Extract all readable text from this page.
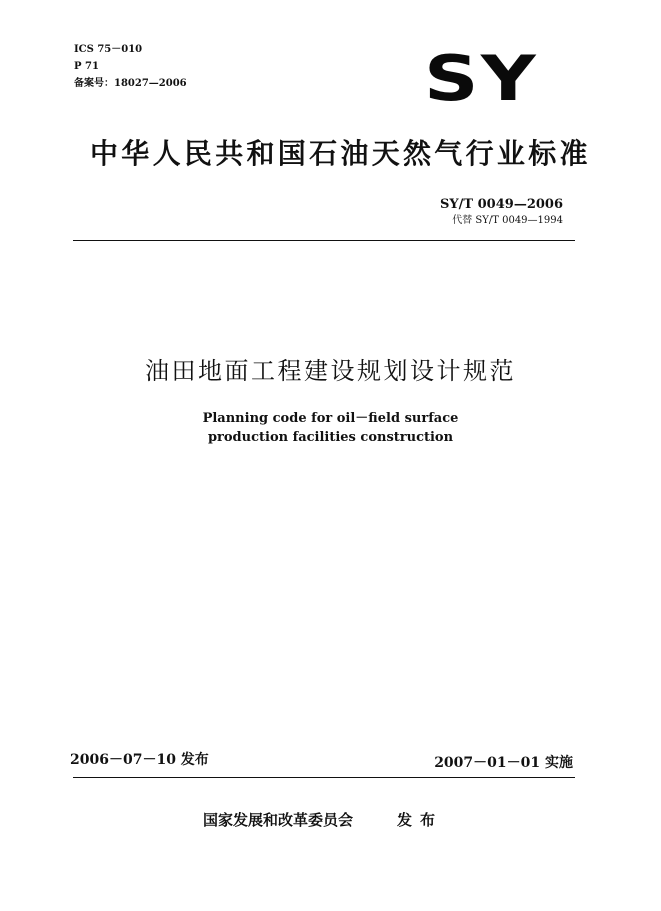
ICS 75－010
P 71
备案号：18027—2006	SY
中华人民共和国石油天然气行业标准
SY/T 0049—2006
代替 SY/T 0049—1994
油田地面工程建设规划设计规范
Planning code for oil－field surface
production facilities construction
2006－07－10 发布	2007－01－01 实施
国家发展和改革委员会	发布
